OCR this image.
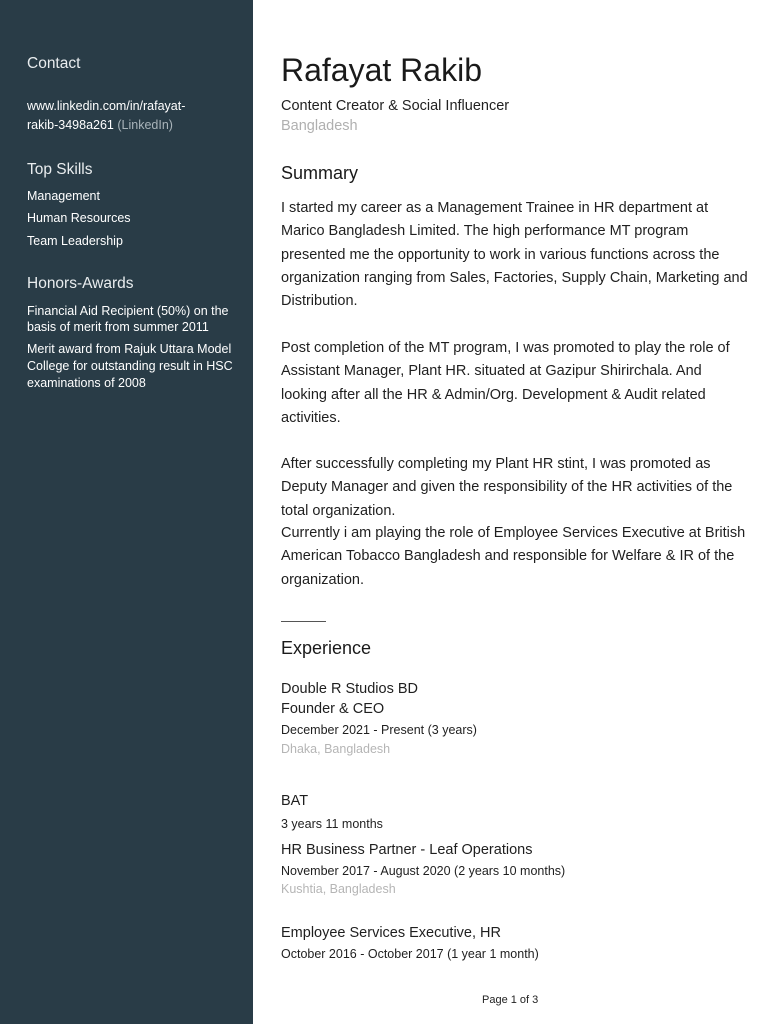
Contact

www.linkedin.com/in/rafayat-

rakib-3498a261 (LinkedIn)

Top Skills

Management

Human Resources

Team Leadership

Honors-Awards

Financial Aid Recipient (50%) on the

basis of merit from summer 2011

Merit award from Rajuk Uttara Model

College for outstanding result in HSC

examinations of 2008

Rafayat Rakib

Content Creator & Social Influencer

Bangladesh

Summary

I started my career as a Management Trainee in HR department at Marico Bangladesh Limited. The high performance MT program presented me the opportunity to work in various functions across the organization ranging from Sales, Factories, Supply Chain, Marketing and Distribution.

Post completion of the MT program, I was promoted to play the role of Assistant Manager, Plant HR. situated at Gazipur Shirirchala. And looking after all the HR & Admin/Org. Development & Audit related activities.

After successfully completing my Plant HR stint, I was promoted as Deputy Manager and given the responsibility of the HR activities of the total organization.

Currently i am playing the role of Employee Services Executive at British American Tobacco Bangladesh and responsible for Welfare & IR of the organization.

Experience

Double R Studios BD

Founder & CEO

December 2021 - Present (3 years)

Dhaka, Bangladesh

BAT

3 years 11 months

HR Business Partner - Leaf Operations

November 2017 - August 2020 (2 years 10 months)

Kushtia, Bangladesh

Employee Services Executive, HR

October 2016 - October 2017 (1 year 1 month)

Page 1 of 3
